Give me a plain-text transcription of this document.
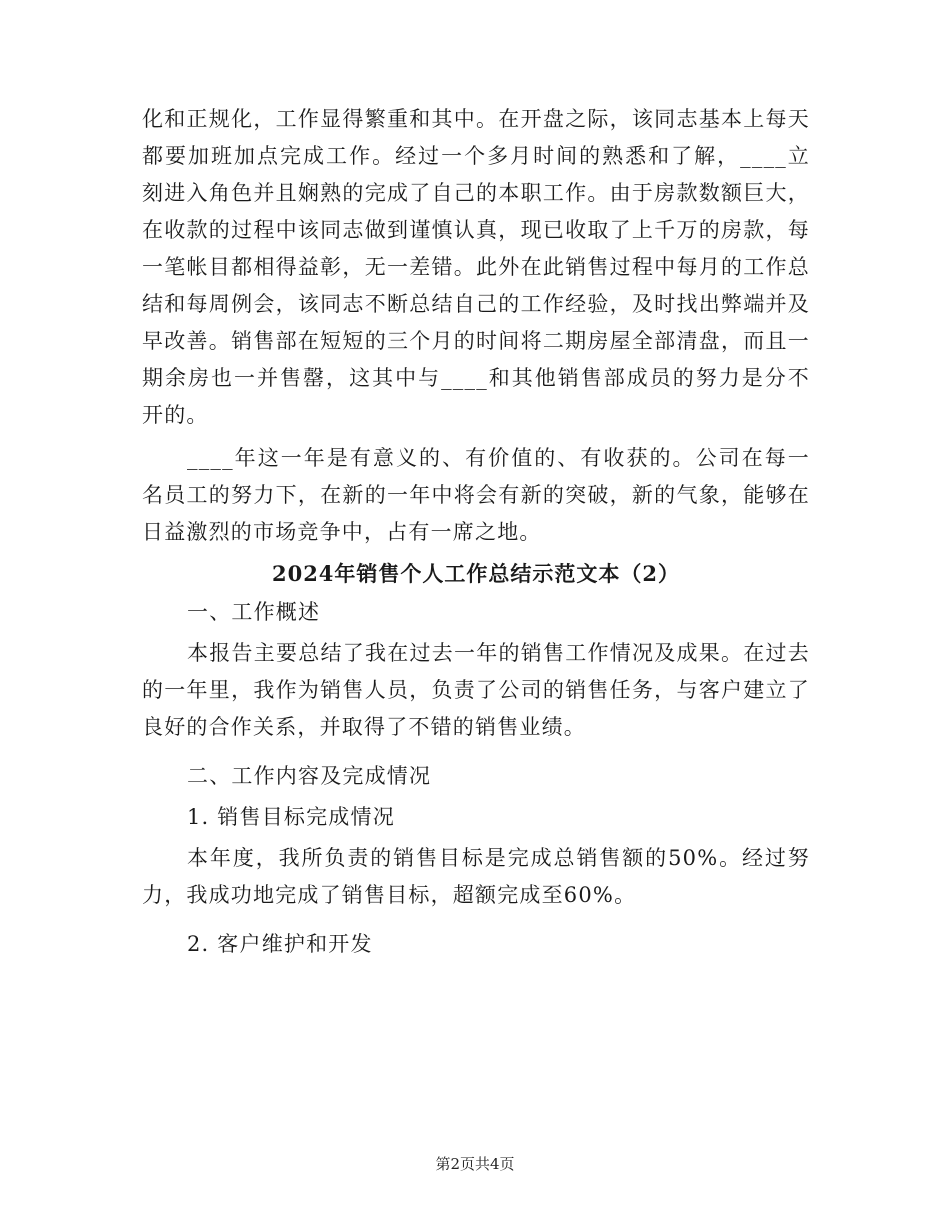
化和正规化，工作显得繁重和其中。在开盘之际，该同志基本上每天都要加班加点完成工作。经过一个多月时间的熟悉和了解，____立刻进入角色并且娴熟的完成了自己的本职工作。由于房款数额巨大，在收款的过程中该同志做到谨慎认真，现已收取了上千万的房款，每一笔帐目都相得益彰，无一差错。此外在此销售过程中每月的工作总结和每周例会，该同志不断总结自己的工作经验，及时找出弊端并及早改善。销售部在短短的三个月的时间将二期房屋全部清盘，而且一期余房也一并售罄，这其中与____和其他销售部成员的努力是分不开的。

____年这一年是有意义的、有价值的、有收获的。公司在每一名员工的努力下，在新的一年中将会有新的突破，新的气象，能够在日益激烈的市场竞争中，占有一席之地。

2024年销售个人工作总结示范文本（2）

一、工作概述

本报告主要总结了我在过去一年的销售工作情况及成果。在过去的一年里，我作为销售人员，负责了公司的销售任务，与客户建立了良好的合作关系，并取得了不错的销售业绩。

二、工作内容及完成情况

1. 销售目标完成情况

本年度，我所负责的销售目标是完成总销售额的50%。经过努力，我成功地完成了销售目标，超额完成至60%。

2. 客户维护和开发

第2页共4页
